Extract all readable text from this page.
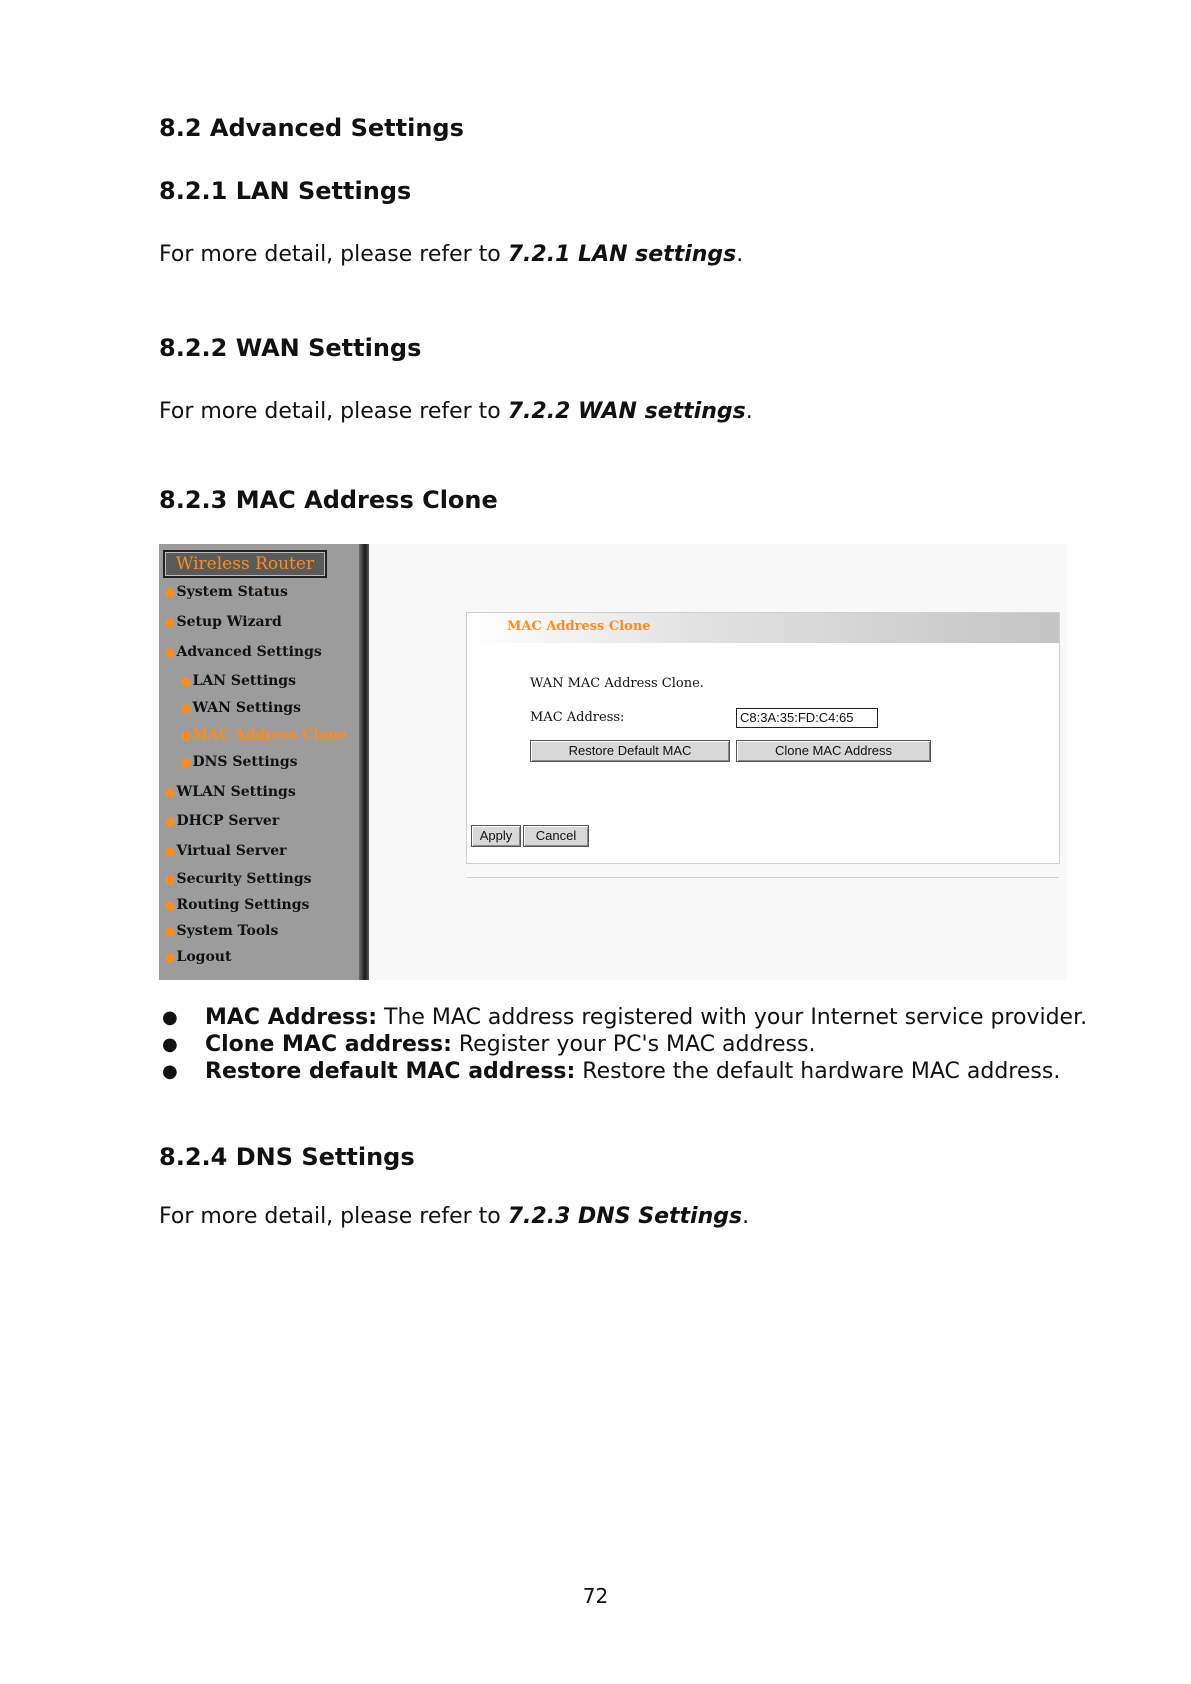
8.2 Advanced Settings
8.2.1 LAN Settings

For more detail, please refer to 7.2.1 LAN settings.

8.2.2 WAN Settings

For more detail, please refer to 7.2.2 WAN settings.

8.2.3 MAC Address Clone
Wireless Router
●System Status
●Setup Wizard
●Advanced Settings
●LAN Settings
●WAN Settings
●MAC Address Clone
●DNS Settings
●WLAN Settings
●DHCP Server
●Virtual Server
●Security Settings
●Routing Settings
●System Tools
●Logout
MAC Address Clone
WAN MAC Address Clone.
MAC Address:	C8:3A:35:FD:C4:65
Restore Default MAC	Clone MAC Address
Apply	Cancel
● MAC Address: The MAC address registered with your Internet service provider.
● Clone MAC address: Register your PC's MAC address.
● Restore default MAC address: Restore the default hardware MAC address.
8.2.4 DNS Settings

For more detail, please refer to 7.2.3 DNS Settings.

72
